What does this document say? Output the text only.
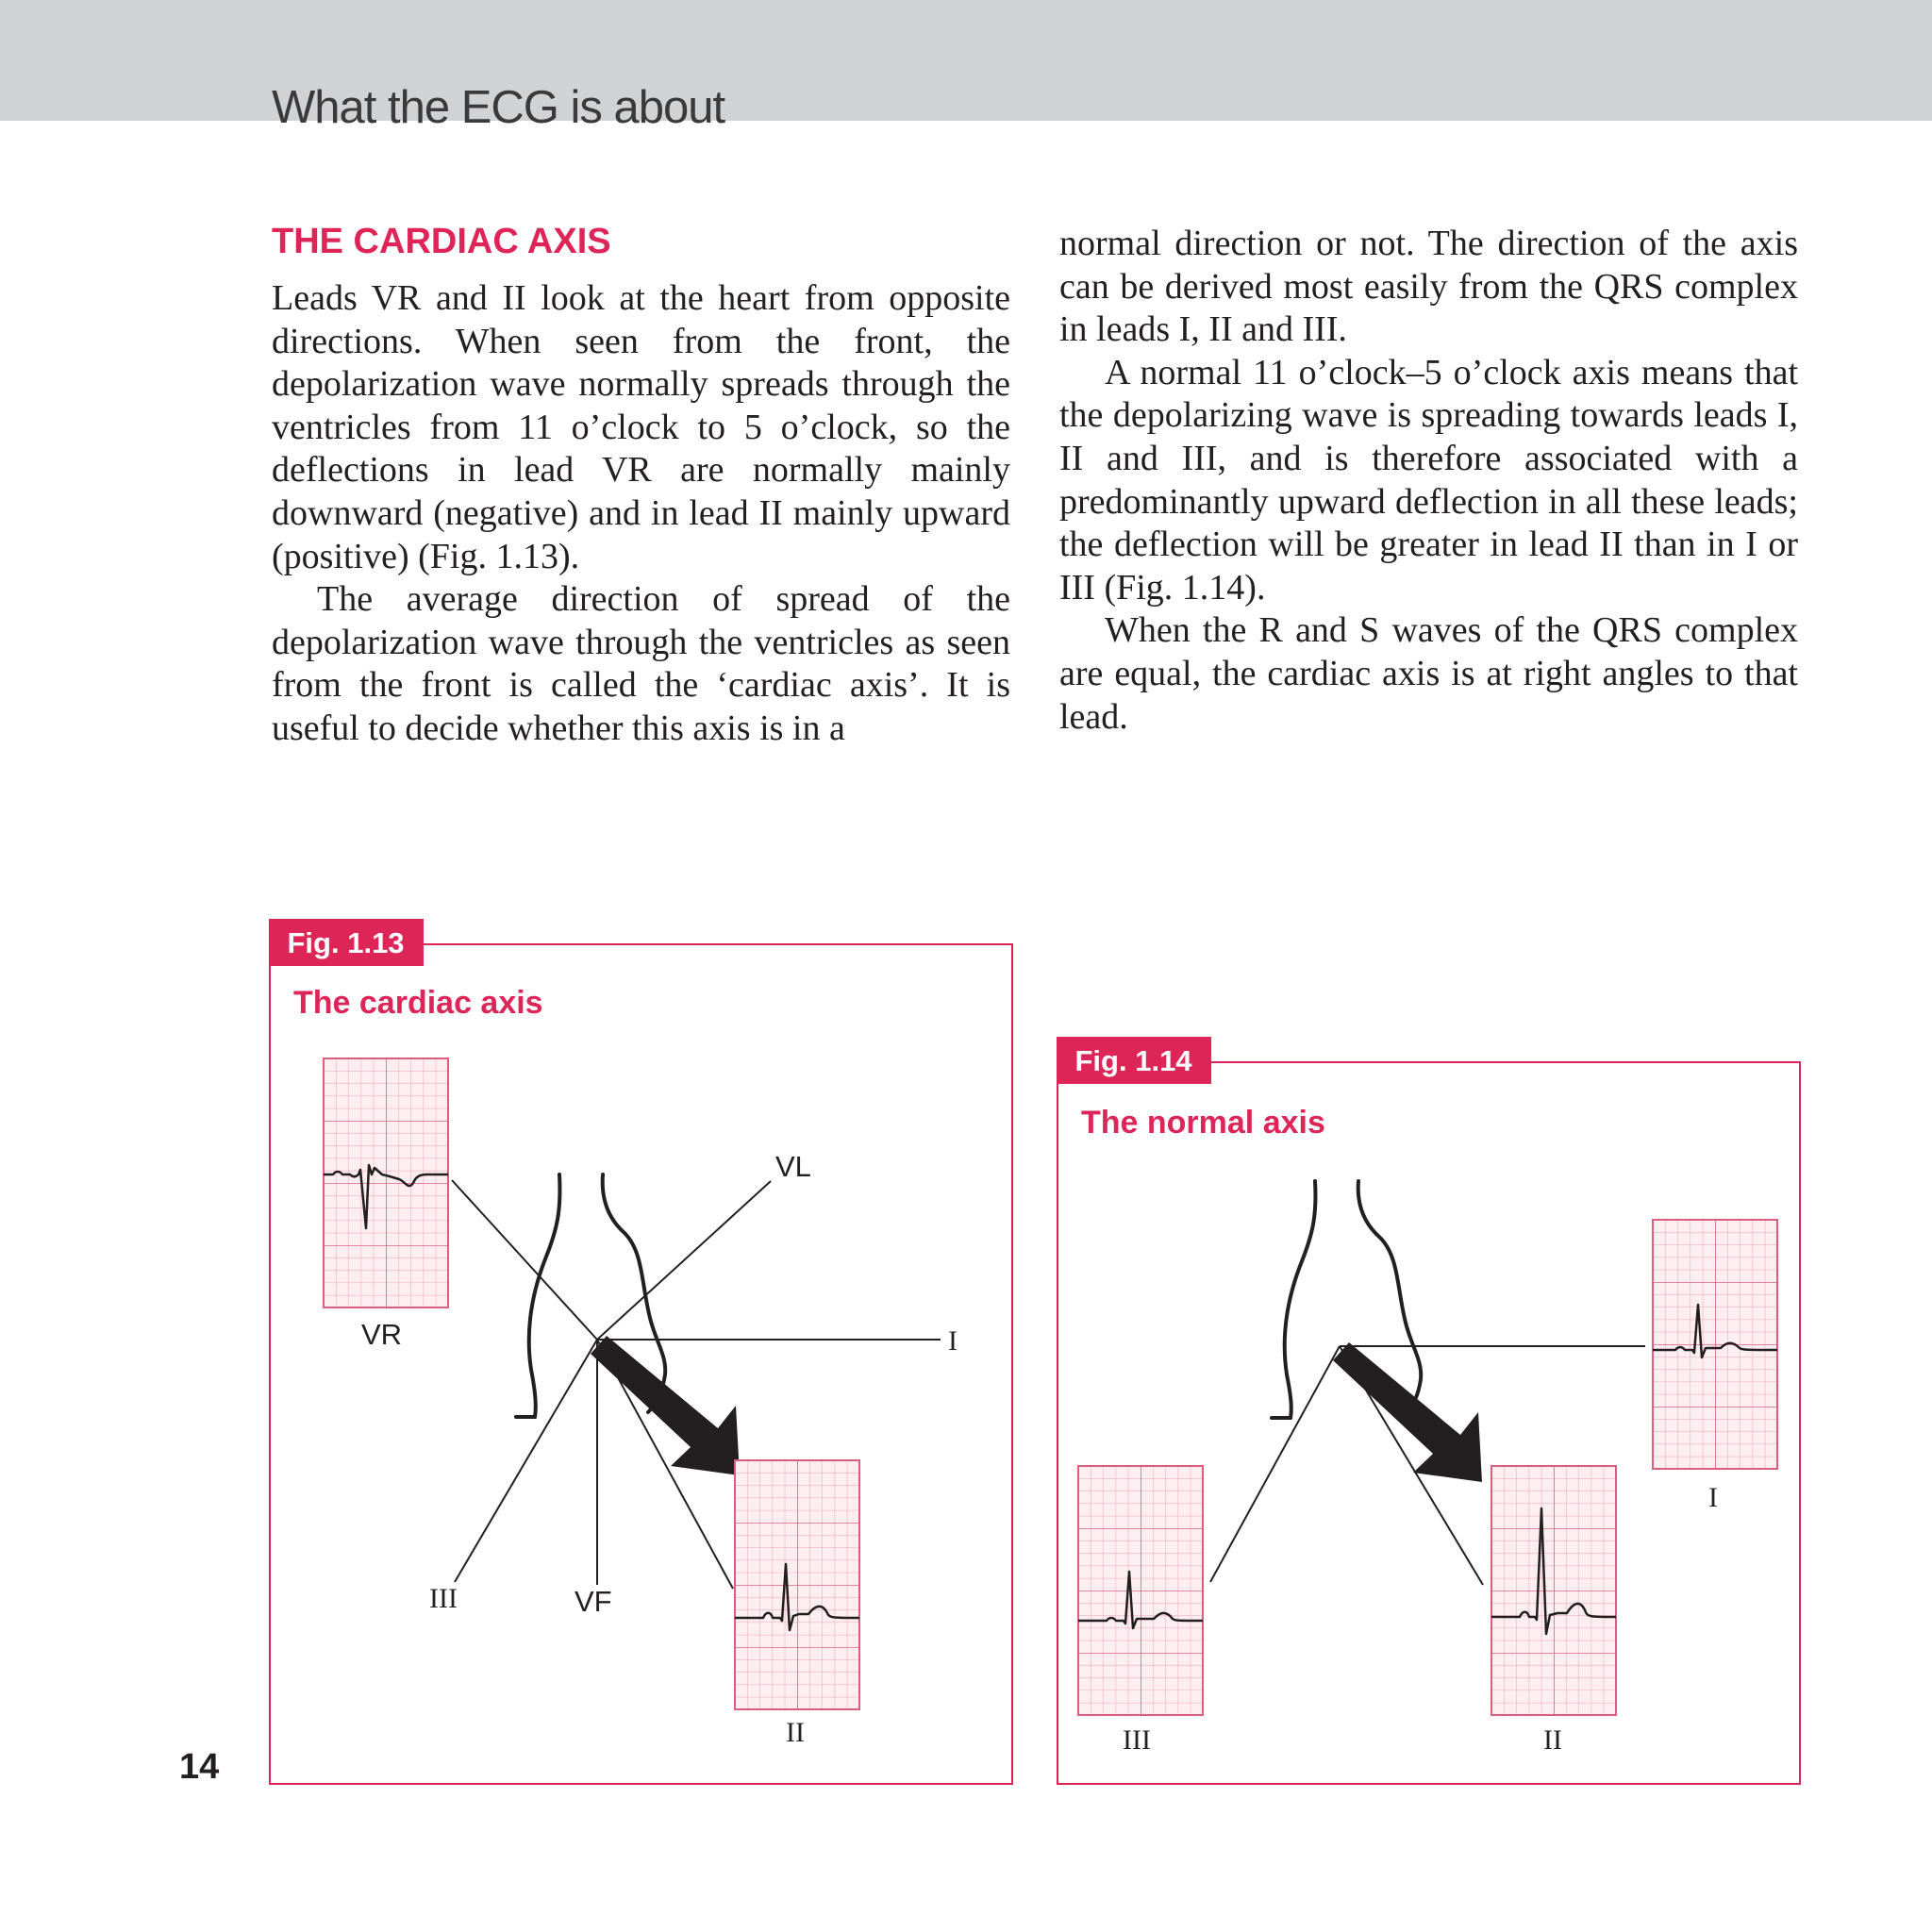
What the ECG is about
THE CARDIAC AXIS

Leads VR and II look at the heart from opposite directions. When seen from the front, the depolarization wave normally spreads through the ventricles from 11 o’clock to 5 o’clock, so the deflections in lead VR are normally mainly downward (negative) and in lead II mainly upward (positive) (Fig. 1.13).

The average direction of spread of the depolarization wave through the ventricles as seen from the front is called the ‘cardiac axis’. It is useful to decide whether this axis is in a

normal direction or not. The direction of the axis can be derived most easily from the QRS complex in leads I, II and III.

A normal 11 o’clock–5 o’clock axis means that the depolarizing wave is spreading towards leads I, II and III, and is therefore associated with a predominantly upward deflection in all these leads; the deflection will be greater in lead II than in I or III (Fig. 1.14).

When the R and S waves of the QRS complex are equal, the cardiac axis is at right angles to that lead.

Fig. 1.13
The cardiac axis
VR
VL
I
III	VF
II
Fig. 1.14
The normal axis
I
III	II
14
